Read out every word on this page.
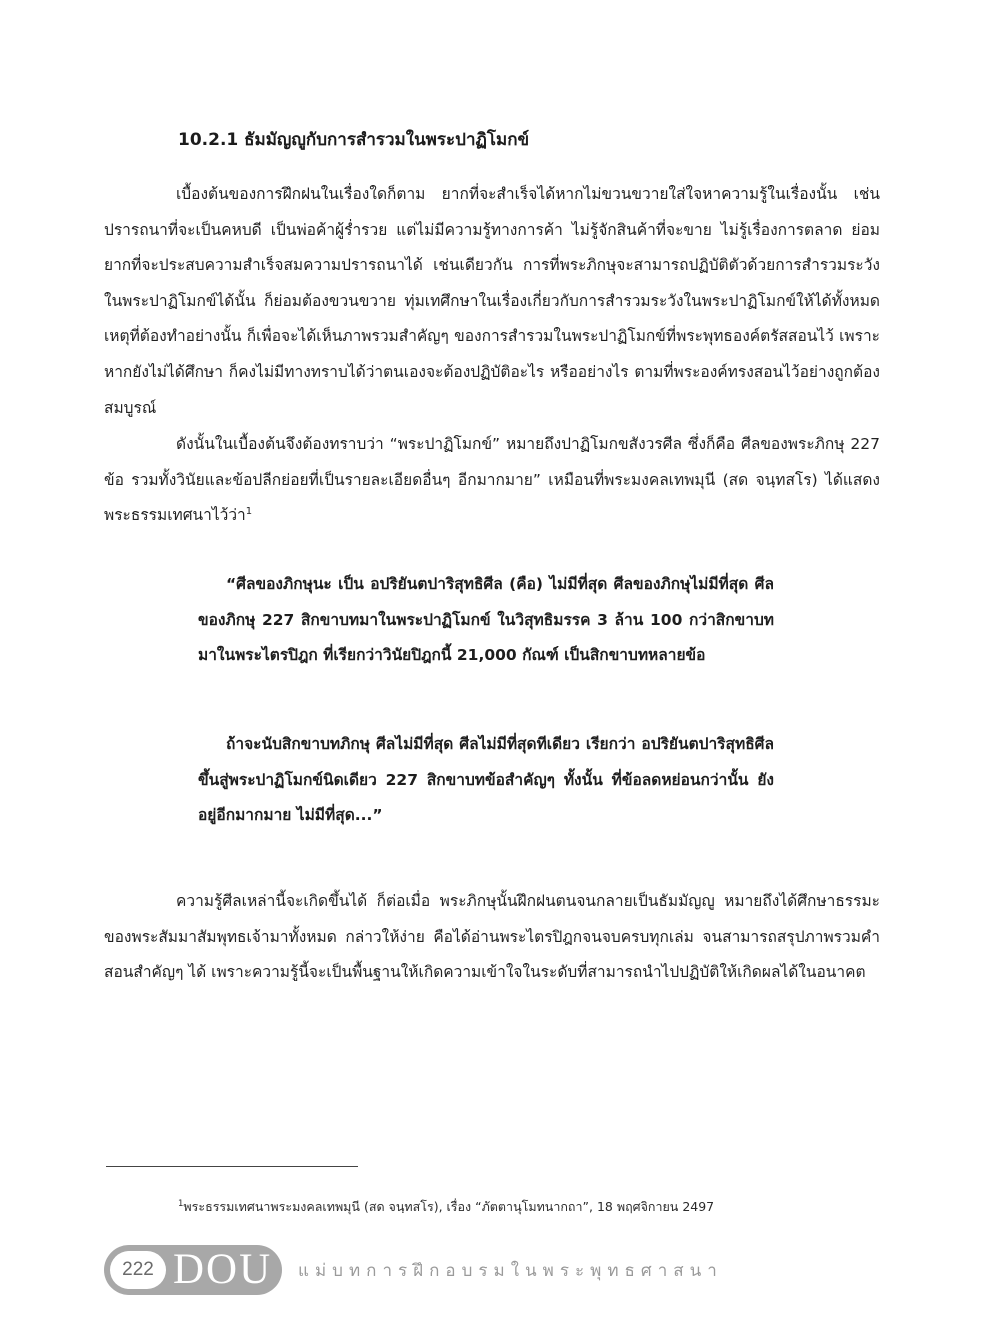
10.2.1 ธัมมัญญูกับการสำรวมในพระปาฏิโมกข์

เบื้องต้นของการฝึกฝนในเรื่องใดก็ตาม ยากที่จะสำเร็จได้หากไม่ขวนขวายใส่ใจหาความรู้ในเรื่องนั้น เช่น ปรารถนาที่จะเป็นคหบดี เป็นพ่อค้าผู้ร่ำรวย แต่ไม่มีความรู้ทางการค้า ไม่รู้จักสินค้าที่จะขาย ไม่รู้เรื่องการตลาด ย่อมยากที่จะประสบความสำเร็จสมความปรารถนาได้ เช่นเดียวกัน การที่พระภิกษุจะสามารถปฏิบัติตัวด้วยการสำรวมระวังในพระปาฏิโมกข์ได้นั้น ก็ย่อมต้องขวนขวาย ทุ่มเทศึกษาในเรื่องเกี่ยวกับการสำรวมระวังในพระปาฏิโมกข์ให้ได้ทั้งหมด เหตุที่ต้องทำอย่างนั้น ก็เพื่อจะได้เห็นภาพรวมสำคัญๆ ของการสำรวมในพระปาฏิโมกข์ที่พระพุทธองค์ตรัสสอนไว้ เพราะหากยังไม่ได้ศึกษา ก็คงไม่มีทางทราบได้ว่าตนเองจะต้องปฏิบัติอะไร หรืออย่างไร ตามที่พระองค์ทรงสอนไว้อย่างถูกต้องสมบูรณ์

ดังนั้นในเบื้องต้นจึงต้องทราบว่า “พระปาฏิโมกข์” หมายถึงปาฏิโมกขสังวรศีล ซึ่งก็คือ ศีลของพระภิกษุ 227 ข้อ รวมทั้งวินัยและข้อปลีกย่อยที่เป็นรายละเอียดอื่นๆ อีกมากมาย” เหมือนที่พระมงคลเทพมุนี (สด จนฺทสโร) ได้แสดงพระธรรมเทศนาไว้ว่า$^1$

“ศีลของภิกษุนะ เป็น อปริยันตปาริสุทธิศีล (คือ) ไม่มีที่สุด ศีลของภิกษุไม่มีที่สุด ศีลของภิกษุ 227 สิกขาบทมาในพระปาฏิโมกข์ ในวิสุทธิมรรค 3 ล้าน 100 กว่าสิกขาบท มาในพระไตรปิฎก ที่เรียกว่าวินัยปิฎกนี้ 21,000 กัณฑ์ เป็นสิกขาบทหลายข้อ

ถ้าจะนับสิกขาบทภิกษุ ศีลไม่มีที่สุด ศีลไม่มีที่สุดทีเดียว เรียกว่า อปริยันตปาริสุทธิศีลขึ้นสู่พระปาฏิโมกข์นิดเดียว 227 สิกขาบทข้อสำคัญๆ ทั้งนั้น ที่ข้อลดหย่อนกว่านั้น ยังอยู่อีกมากมาย ไม่มีที่สุด...”

ความรู้ศีลเหล่านี้จะเกิดขึ้นได้ ก็ต่อเมื่อ พระภิกษุนั้นฝึกฝนตนจนกลายเป็นธัมมัญญู หมายถึงได้ศึกษาธรรมะของพระสัมมาสัมพุทธเจ้ามาทั้งหมด กล่าวให้ง่าย คือได้อ่านพระไตรปิฎกจนจบครบทุกเล่ม จนสามารถสรุปภาพรวมคำสอนสำคัญๆ ได้ เพราะความรู้นี้จะเป็นพื้นฐานให้เกิดความเข้าใจในระดับที่สามารถนำไปปฏิบัติให้เกิดผลได้ในอนาคต

$^1$พระธรรมเทศนาพระมงคลเทพมุนี (สด จนฺทสโร), เรื่อง “ภัตตานุโมทนากถา”, 18 พฤศจิกายน 2497
222 DOU แม่บทการฝึกอบรมในพระพุทธศาสนา
